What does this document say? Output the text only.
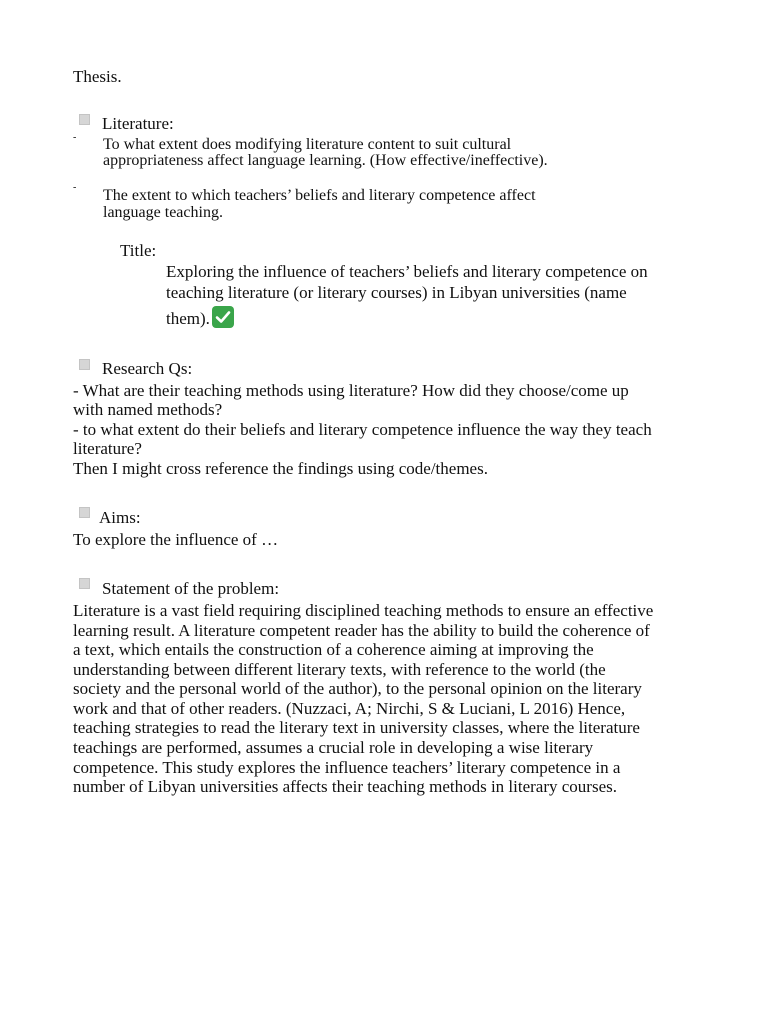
Thesis.
Literature:
- To what extent does modifying literature content to suit cultural
appropriateness affect language learning. (How effective/ineffective).
- The extent to which teachers’ beliefs and literary competence affect
language teaching.
Title:
Exploring the influence of teachers’ beliefs and literary competence on
teaching literature (or literary courses) in Libyan universities (name
them).
Research Qs:
- What are their teaching methods using literature? How did they choose/come up
with named methods?
- to what extent do their beliefs and literary competence influence the way they teach
literature?
Then I might cross reference the findings using code/themes.
Aims:
To explore the influence of …
Statement of the problem:
Literature is a vast field requiring disciplined teaching methods to ensure an effective
learning result. A literature competent reader has the ability to build the coherence of
a text, which entails the construction of a coherence aiming at improving the
understanding between different literary texts, with reference to the world (the
society and the personal world of the author), to the personal opinion on the literary
work and that of other readers. (Nuzzaci, A; Nirchi, S & Luciani, L 2016) Hence,
teaching strategies to read the literary text in university classes, where the literature
teachings are performed, assumes a crucial role in developing a wise literary
competence. This study explores the influence teachers’ literary competence in a
number of Libyan universities affects their teaching methods in literary courses.
